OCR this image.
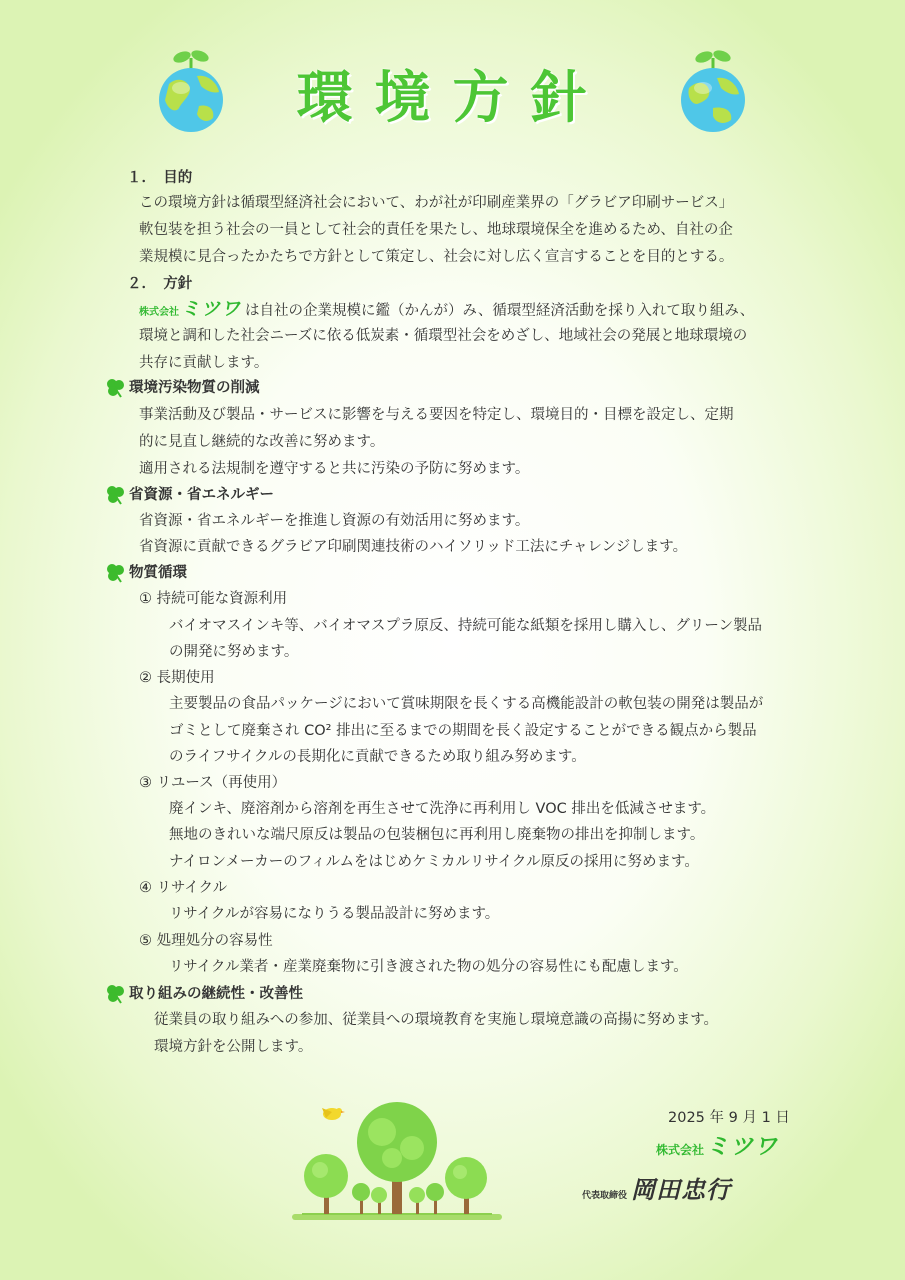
環境方針
１．　目的
この環境方針は循環型経済社会において、わが社が印刷産業界の「グラビア印刷サービス」
軟包装を担う社会の一員として社会的責任を果たし、地球環境保全を進めるため、自社の企
業規模に見合ったかたちで方針として策定し、社会に対し広く宣言することを目的とする。
２．　方針
株式会社 ミツワ は自社の企業規模に鑑（かんが）み、循環型経済活動を採り入れて取り組み、
環境と調和した社会ニーズに依る低炭素・循環型社会をめざし、地域社会の発展と地球環境の
共存に貢献します。
環境汚染物質の削減
事業活動及び製品・サービスに影響を与える要因を特定し、環境目的・目標を設定し、定期
的に見直し継続的な改善に努めます。
適用される法規制を遵守すると共に汚染の予防に努めます。
省資源・省エネルギー
省資源・省エネルギーを推進し資源の有効活用に努めます。
省資源に貢献できるグラビア印刷関連技術のハイソリッド工法にチャレンジします。
物質循環
① 持続可能な資源利用
バイオマスインキ等、バイオマスプラ原反、持続可能な紙類を採用し購入し、グリーン製品
の開発に努めます。
② 長期使用
主要製品の食品パッケージにおいて賞味期限を長くする高機能設計の軟包装の開発は製品が
ゴミとして廃棄され CO² 排出に至るまでの期間を長く設定することができる観点から製品
のライフサイクルの長期化に貢献できるため取り組み努めます。
③ リユース（再使用）
廃インキ、廃溶剤から溶剤を再生させて洗浄に再利用し VOC 排出を低減させます。
無地のきれいな端尺原反は製品の包装梱包に再利用し廃棄物の排出を抑制します。
ナイロンメーカーのフィルムをはじめケミカルリサイクル原反の採用に努めます。
④ リサイクル
リサイクルが容易になりうる製品設計に努めます。
⑤ 処理処分の容易性
リサイクル業者・産業廃棄物に引き渡された物の処分の容易性にも配慮します。
取り組みの継続性・改善性
従業員の取り組みへの参加、従業員への環境教育を実施し環境意識の高揚に努めます。
環境方針を公開します。
2025 年 9 月 1 日
株式会社 ミツワ
代表取締役 岡田忠行
